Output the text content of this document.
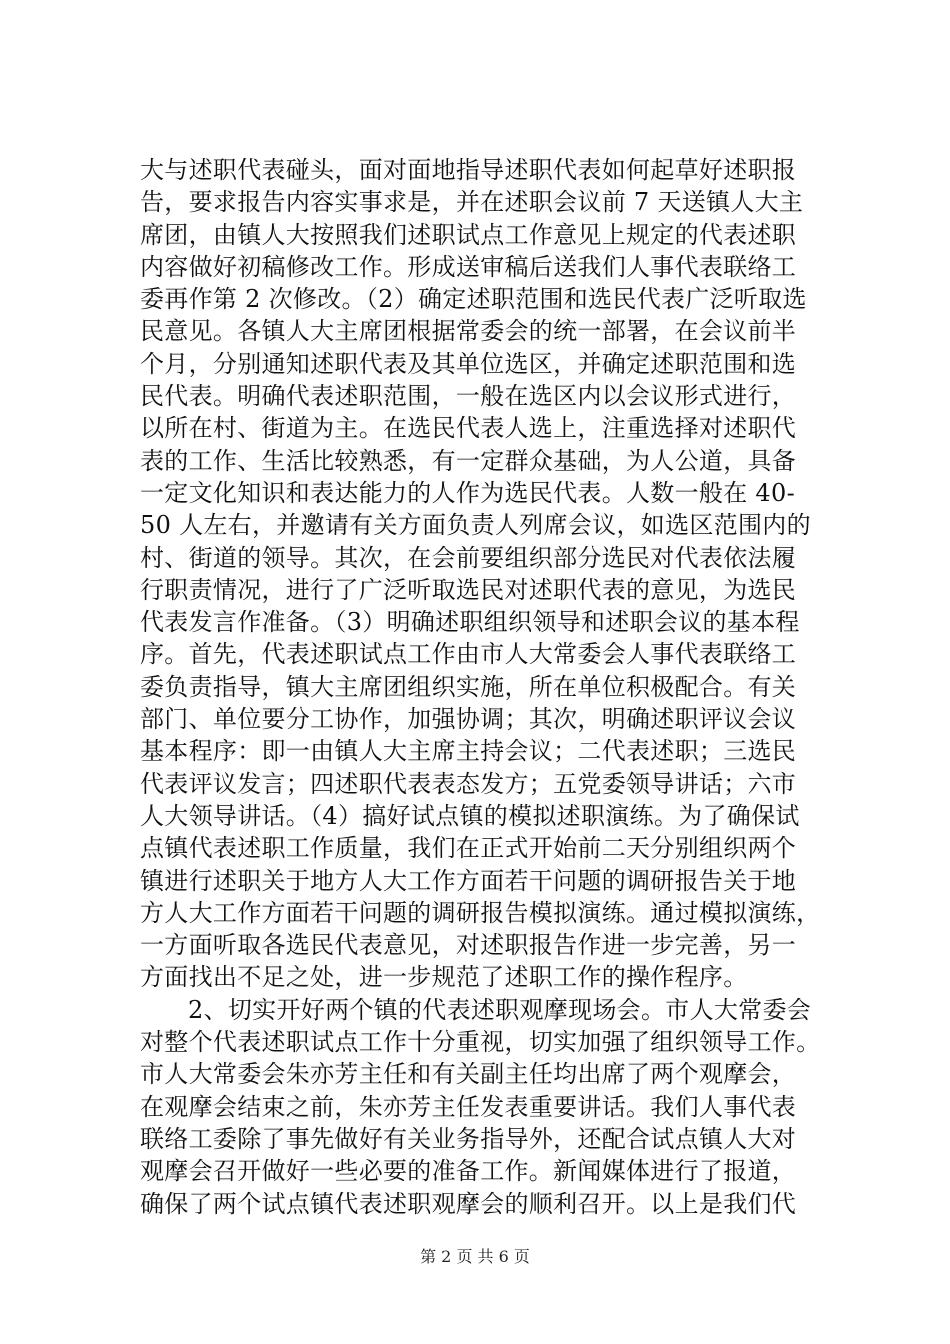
大与述职代表碰头，面对面地指导述职代表如何起草好述职报
告，要求报告内容实事求是，并在述职会议前 7 天送镇人大主
席团，由镇人大按照我们述职试点工作意见上规定的代表述职
内容做好初稿修改工作。形成送审稿后送我们人事代表联络工
委再作第 2 次修改。（2）确定述职范围和选民代表广泛听取选
民意见。各镇人大主席团根据常委会的统一部署，在会议前半
个月，分别通知述职代表及其单位选区，并确定述职范围和选
民代表。明确代表述职范围，一般在选区内以会议形式进行，
以所在村、街道为主。在选民代表人选上，注重选择对述职代
表的工作、生活比较熟悉，有一定群众基础，为人公道，具备
一定文化知识和表达能力的人作为选民代表。人数一般在 40-
50 人左右，并邀请有关方面负责人列席会议，如选区范围内的
村、街道的领导。其次，在会前要组织部分选民对代表依法履
行职责情况，进行了广泛听取选民对述职代表的意见，为选民
代表发言作准备。（3）明确述职组织领导和述职会议的基本程
序。首先，代表述职试点工作由市人大常委会人事代表联络工
委负责指导，镇大主席团组织实施，所在单位积极配合。有关
部门、单位要分工协作，加强协调；其次，明确述职评议会议
基本程序：即一由镇人大主席主持会议；二代表述职；三选民
代表评议发言；四述职代表表态发方；五党委领导讲话；六市
人大领导讲话。（4）搞好试点镇的模拟述职演练。为了确保试
点镇代表述职工作质量，我们在正式开始前二天分别组织两个
镇进行述职关于地方人大工作方面若干问题的调研报告关于地
方人大工作方面若干问题的调研报告模拟演练。通过模拟演练，
一方面听取各选民代表意见，对述职报告作进一步完善，另一
方面找出不足之处，进一步规范了述职工作的操作程序。
2、切实开好两个镇的代表述职观摩现场会。市人大常委会
对整个代表述职试点工作十分重视，切实加强了组织领导工作。
市人大常委会朱亦芳主任和有关副主任均出席了两个观摩会，
在观摩会结束之前，朱亦芳主任发表重要讲话。我们人事代表
联络工委除了事先做好有关业务指导外，还配合试点镇人大对
观摩会召开做好一些必要的准备工作。新闻媒体进行了报道，
确保了两个试点镇代表述职观摩会的顺利召开。以上是我们代
第 2 页 共 6 页
